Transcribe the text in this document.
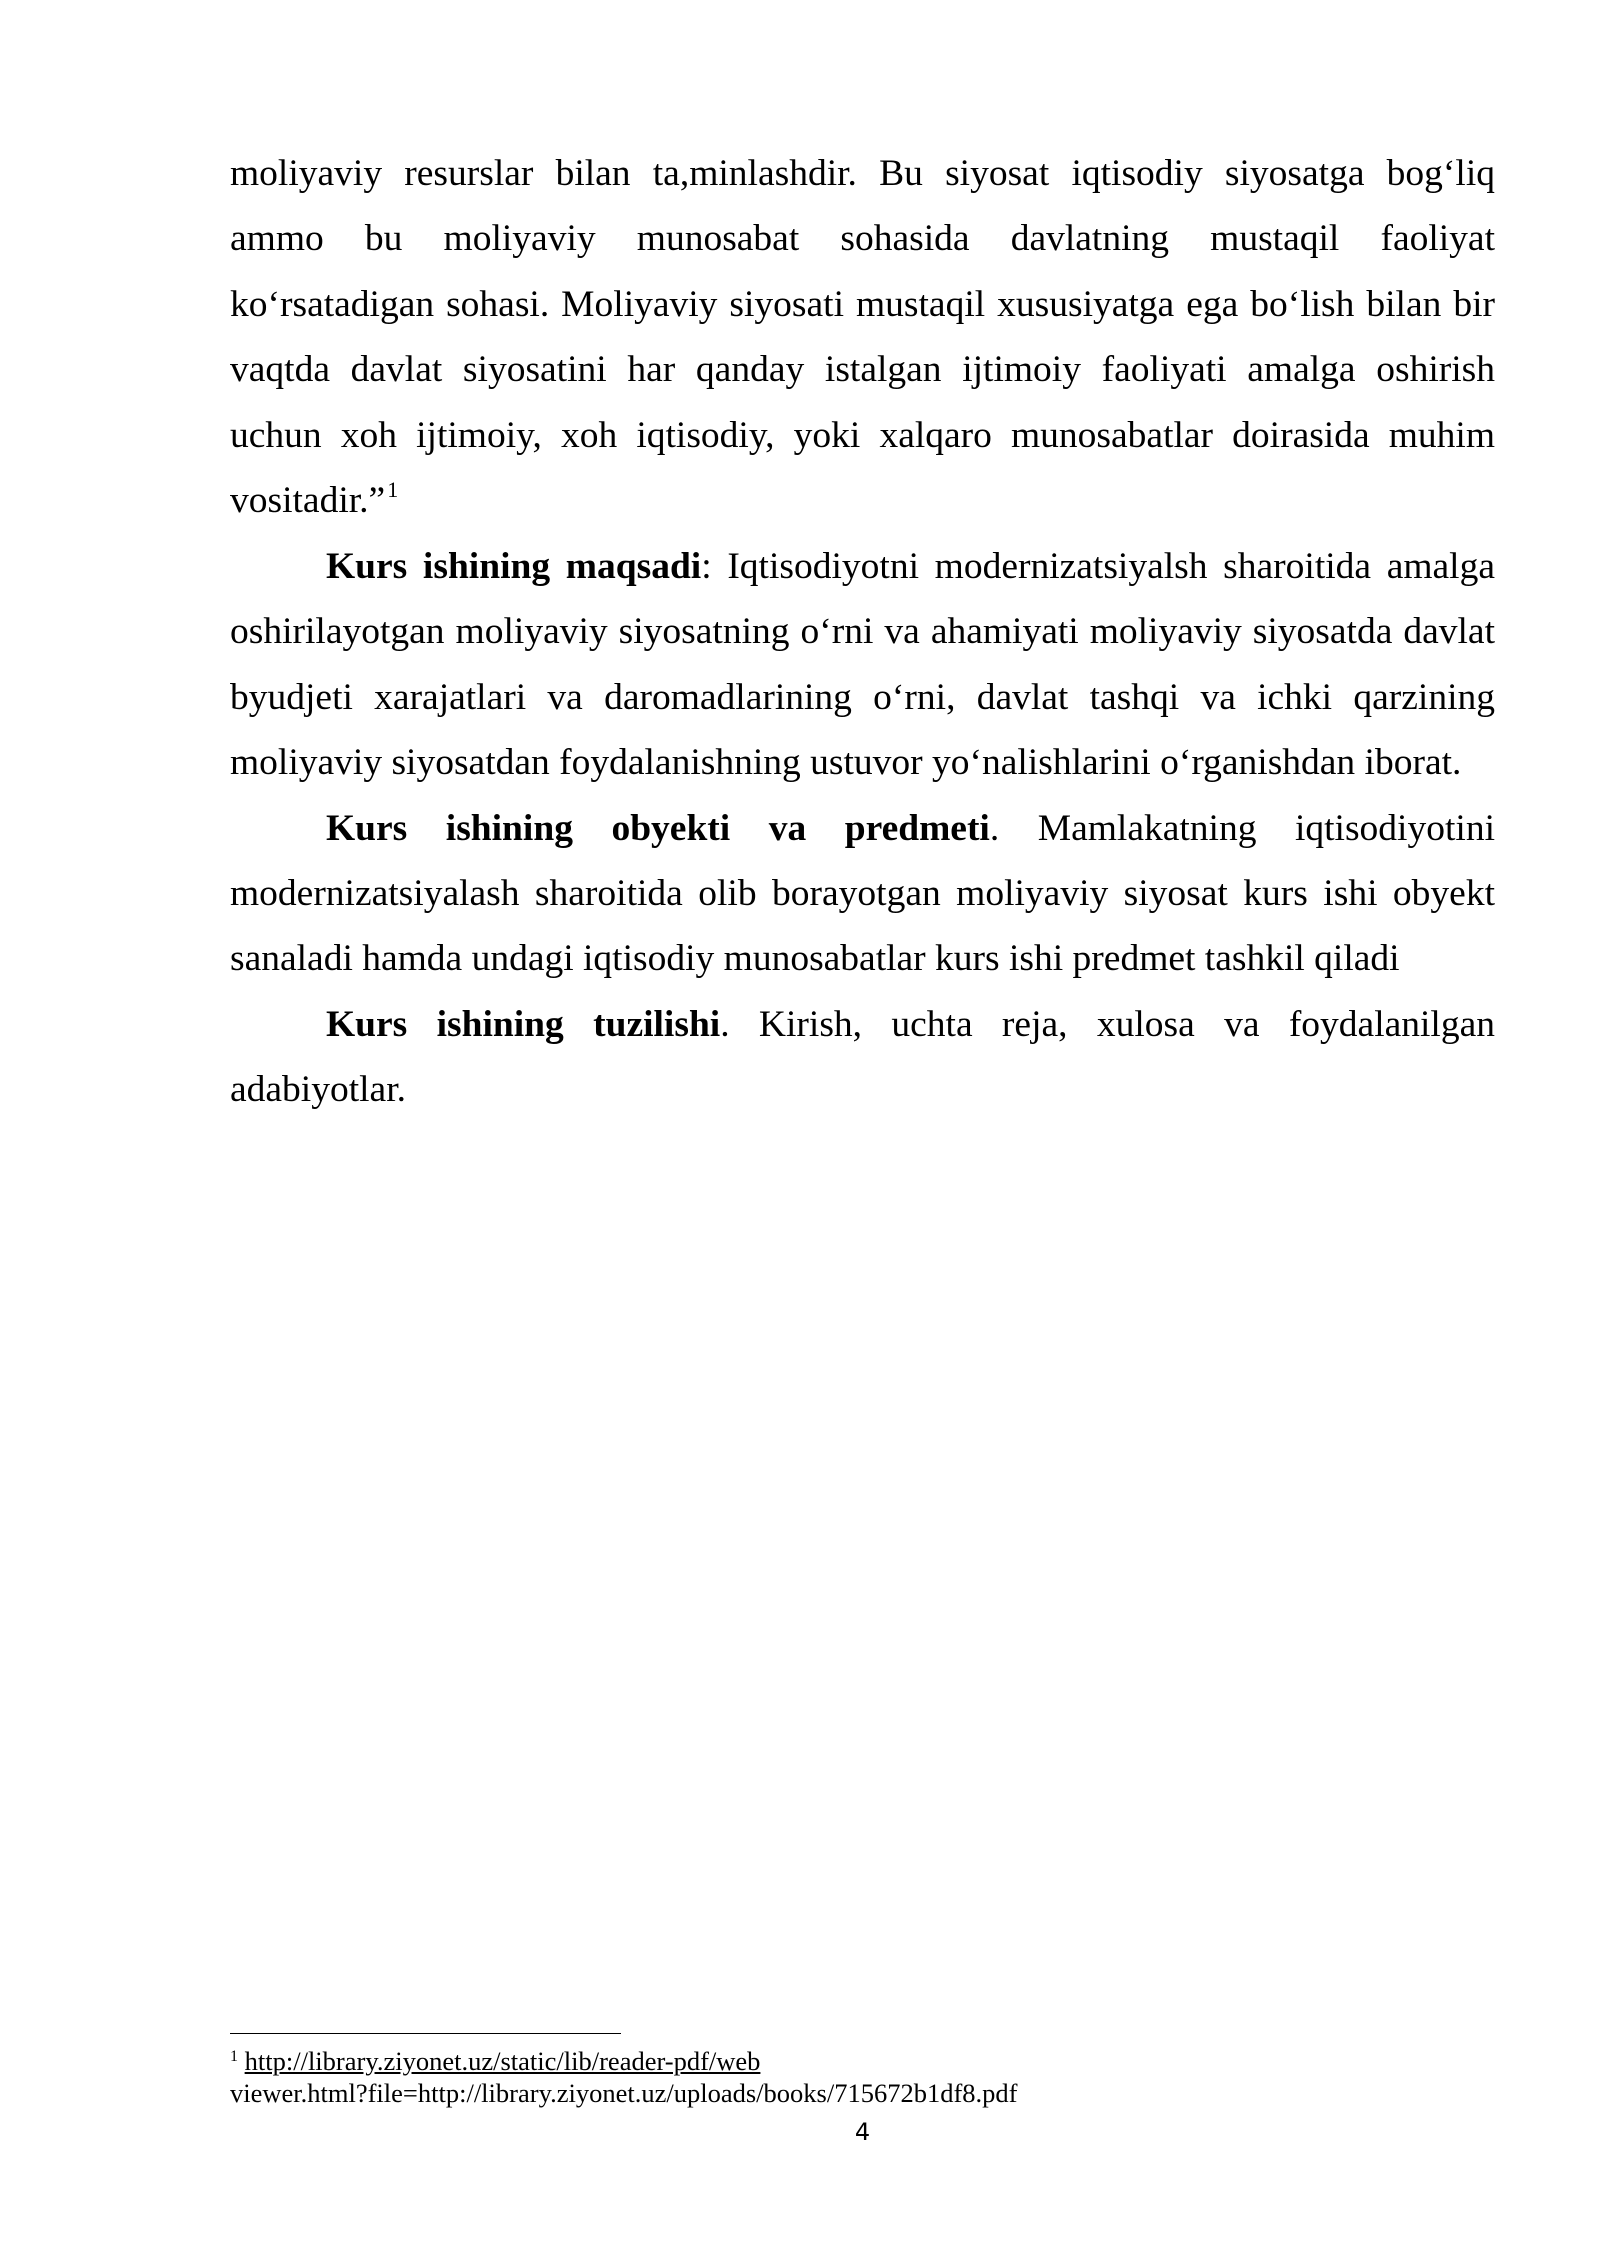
moliyaviy resurslar bilan ta,minlashdir. Bu siyosat iqtisodiy siyosatga bog‘liq
ammo bu moliyaviy munosabat sohasida davlatning mustaqil faoliyat
ko‘rsatadigan sohasi. Moliyaviy siyosati mustaqil xususiyatga ega bo‘lish bilan bir
vaqtda davlat siyosatini har qanday istalgan ijtimoiy faoliyati amalga oshirish
uchun xoh ijtimoiy, xoh iqtisodiy, yoki xalqaro munosabatlar doirasida muhim
vositadir.”$^1$
Kurs ishining maqsadi: Iqtisodiyotni modernizatsiyalsh sharoitida amalga
oshirilayotgan moliyaviy siyosatning o‘rni va ahamiyati moliyaviy siyosatda davlat
byudjeti xarajatlari va daromadlarining o‘rni, davlat tashqi va ichki qarzining
moliyaviy siyosatdan foydalanishning ustuvor yo‘nalishlarini o‘rganishdan iborat.
Kurs ishining obyekti va predmeti. Mamlakatning iqtisodiyotini
modernizatsiyalash sharoitida olib borayotgan moliyaviy siyosat kurs ishi obyekt
sanaladi hamda undagi iqtisodiy munosabatlar kurs ishi predmet tashkil qiladi
Kurs ishining tuzilishi. Kirish, uchta reja, xulosa va foydalanilgan
adabiyotlar.
$^1$ http://library.ziyonet.uz/static/lib/reader-pdf/web
viewer.html?file=http://library.ziyonet.uz/uploads/books/715672b1df8.pdf
4
